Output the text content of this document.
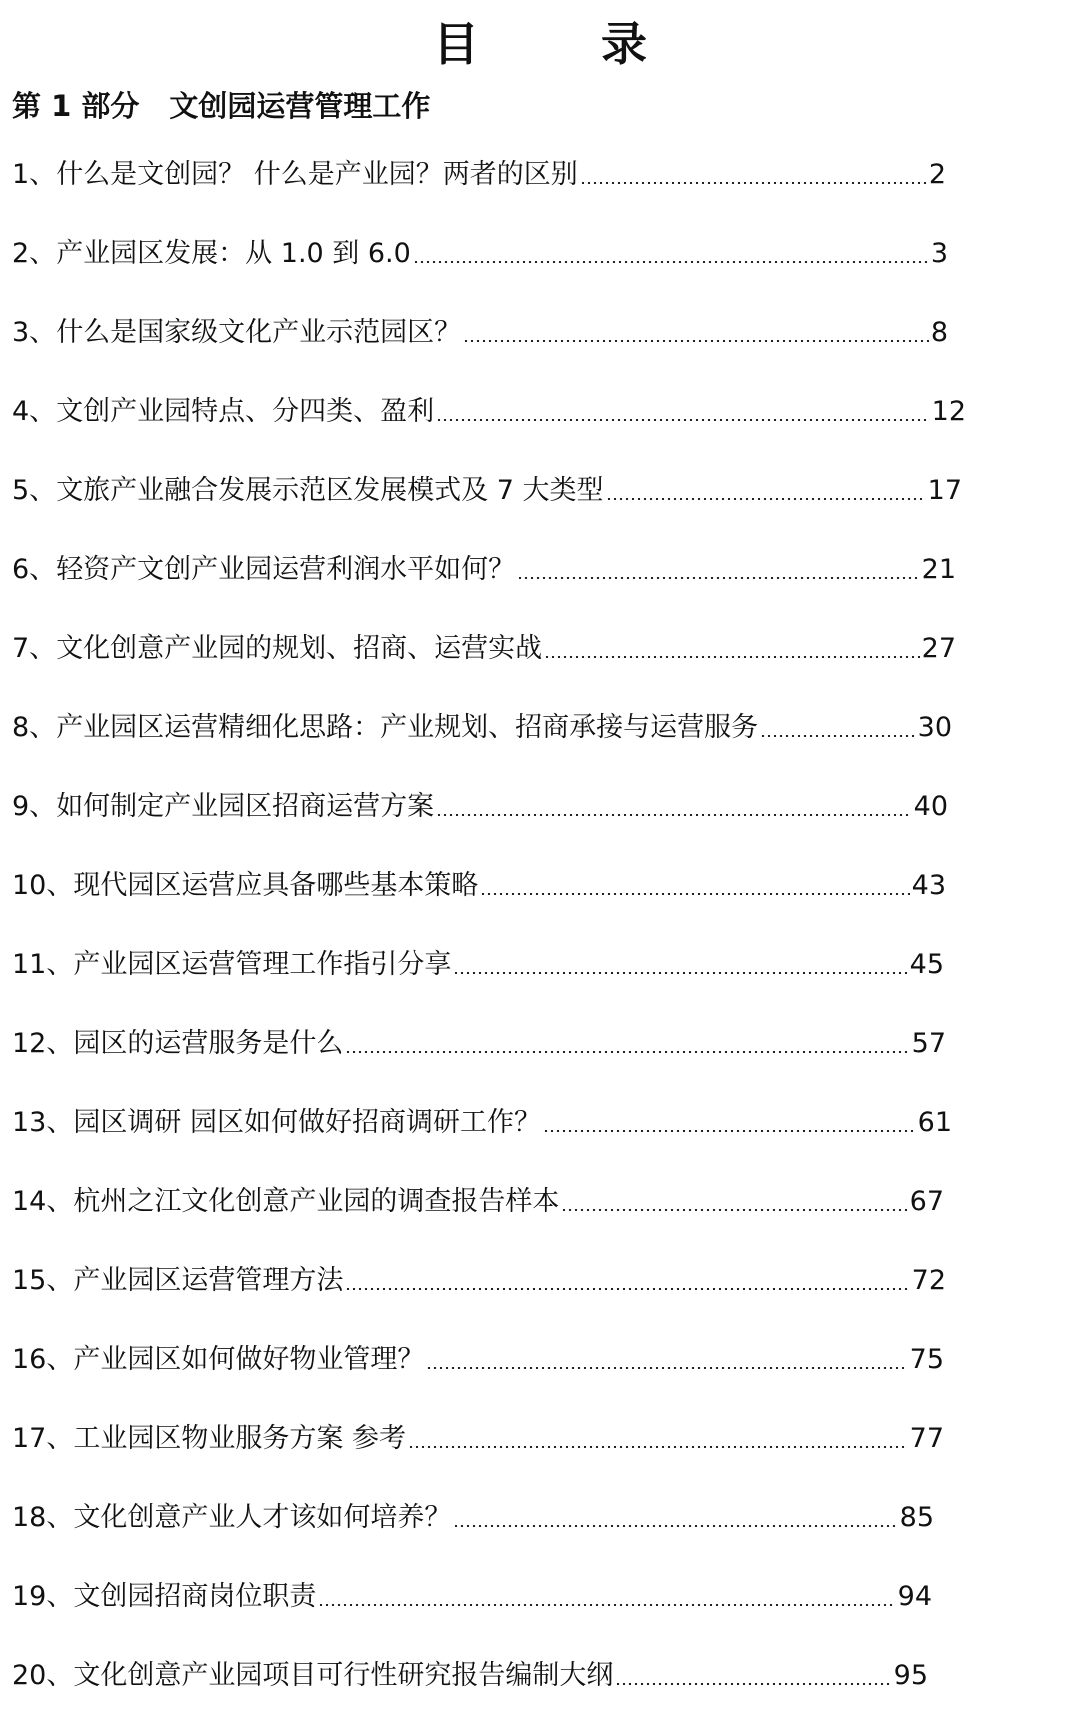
目　录
第 1 部分 文创园运营管理工作
1、 什么是文创园？ 什么是产业园？两者的区别	2
2、 产业园区发展：从 1.0 到 6.0	3
3、 什么是国家级文化产业示范园区？	8
4、 文创产业园特点、分四类、盈利	12
5、 文旅产业融合发展示范区发展模式及 7 大类型	17
6、 轻资产文创产业园运营利润水平如何？	21
7、 文化创意产业园的规划、招商、运营实战	27
8、 产业园区运营精细化思路：产业规划、招商承接与运营服务	30
9、 如何制定产业园区招商运营方案	40
10、 现代园区运营应具备哪些基本策略	43
11、 产业园区运营管理工作指引分享	45
12、 园区的运营服务是什么	57
13、 园区调研 园区如何做好招商调研工作？	61
14、 杭州之江文化创意产业园的调查报告样本	67
15、 产业园区运营管理方法	72
16、 产业园区如何做好物业管理？	75
17、 工业园区物业服务方案 参考	77
18、 文化创意产业人才该如何培养？	85
19、 文创园招商岗位职责	94
20、 文化创意产业园项目可行性研究报告编制大纲	95
